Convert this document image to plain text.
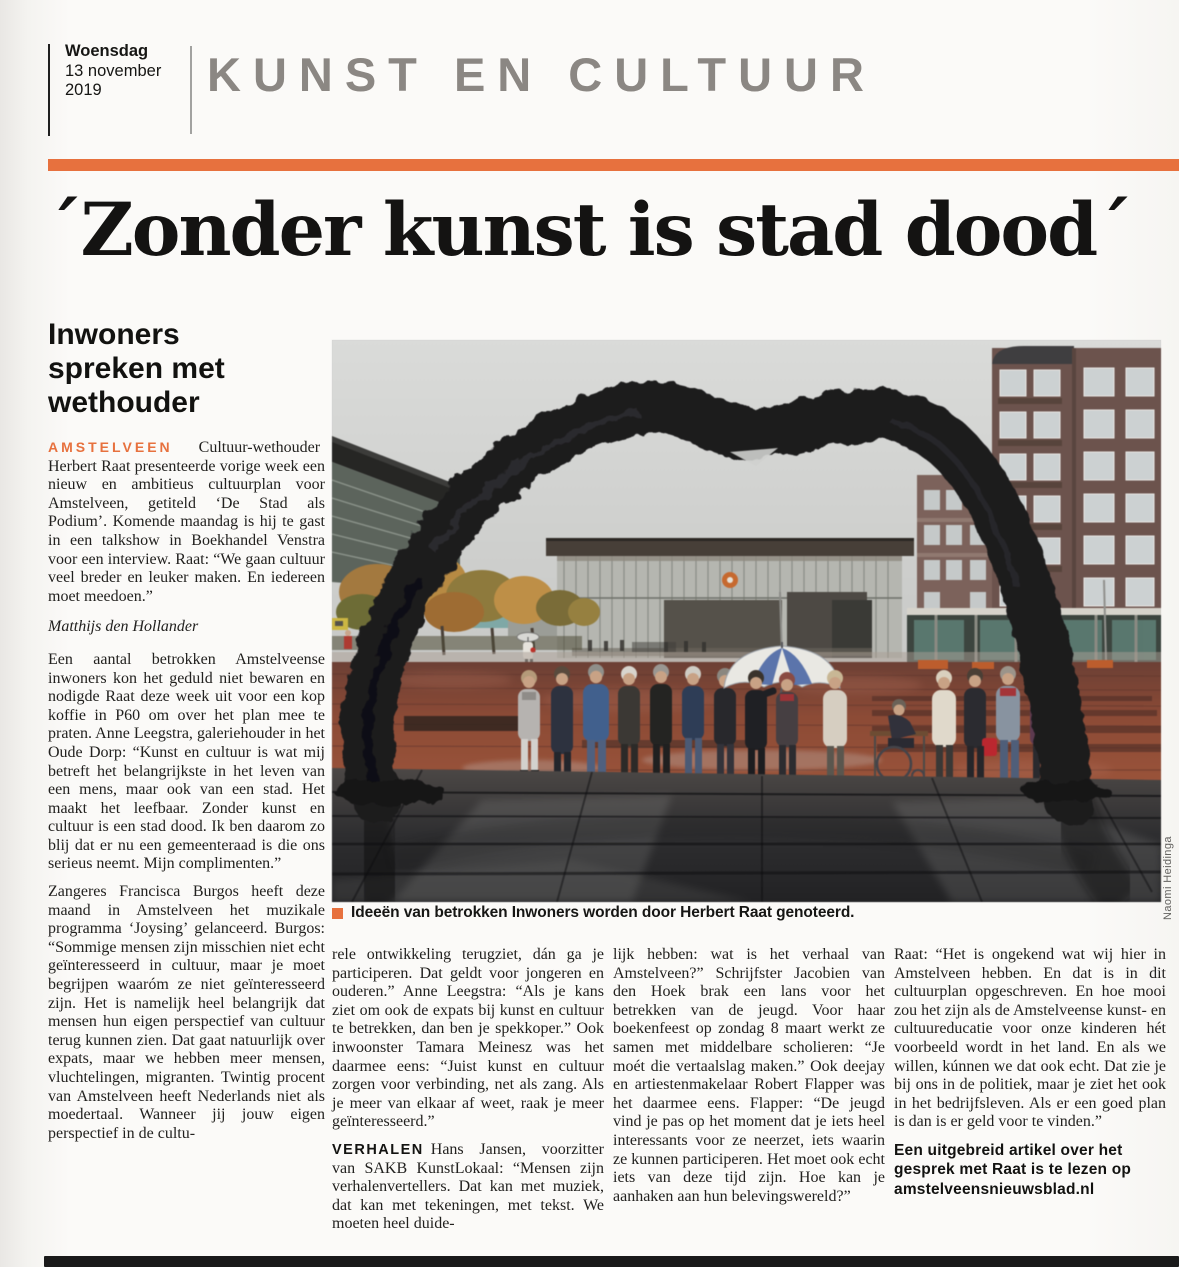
Woensdag
13 november
2019	KUNST EN CULTUUR
´Zonder kunst is stad dood´
Inwoners spreken met wethouder

AMSTELVEEN Cultuur-wethouder Herbert Raat presenteerde vorige week een nieuw en ambitieus cultuurplan voor Amstelveen, getiteld ‘De Stad als Podium’. Komende maandag is hij te gast in een talkshow in Boekhandel Venstra voor een interview. Raat: “We gaan cultuur veel breder en leuker maken. En iedereen moet meedoen.”

Matthijs den Hollander

Een aantal betrokken Amstelveense inwoners kon het geduld niet bewaren en nodigde Raat deze week uit voor een kop koffie in P60 om over het plan mee te praten. Anne Leegstra, galeriehouder in het Oude Dorp: “Kunst en cultuur is wat mij betreft het belangrijkste in het leven van een mens, maar ook van een stad. Het maakt het leefbaar. Zonder kunst en cultuur is een stad dood. Ik ben daarom zo blij dat er nu een gemeenteraad is die ons serieus neemt. Mijn complimenten.”

Zangeres Francisca Burgos heeft deze maand in Amstelveen het muzikale programma ‘Joysing’ gelanceerd. Burgos: “Sommige mensen zijn misschien niet echt geïnteresseerd in cultuur, maar je moet begrijpen waaróm ze niet geïnteresseerd zijn. Het is namelijk heel belangrijk dat mensen hun eigen perspectief van cultuur terug kunnen zien. Dat gaat natuurlijk over expats, maar we hebben meer mensen, vluchtelingen, migranten. Twintig procent van Amstelveen heeft Nederlands niet als moedertaal. Wanneer jij jouw eigen perspectief in de cultu-

Ideeën van betrokken Inwoners worden door Herbert Raat genoteerd.	Naomi Heidinga

rele ontwikkeling terugziet, dán ga je participeren. Dat geldt voor jongeren en ouderen.” Anne Leegstra: “Als je kans ziet om ook de expats bij kunst en cultuur te betrekken, dan ben je spekkoper.” Ook inwoonster Tamara Meinesz was het daarmee eens: “Juist kunst en cultuur zorgen voor verbinding, net als zang. Als je meer van elkaar af weet, raak je meer geïnteresseerd.”

VERHALEN Hans Jansen, voorzitter van SAKB KunstLokaal: “Mensen zijn verhalenvertellers. Dat kan met muziek, dat kan met tekeningen, met tekst. We moeten heel duide-

lijk hebben: wat is het verhaal van Amstelveen?” Schrijfster Jacobien van den Hoek brak een lans voor het betrekken van de jeugd. Voor haar boekenfeest op zondag 8 maart werkt ze samen met middelbare scholieren: “Je moét die vertaalslag maken.” Ook deejay en artiestenmakelaar Robert Flapper was het daarmee eens. Flapper: “De jeugd vind je pas op het moment dat je iets heel interessants voor ze neerzet, iets waarin ze kunnen participeren. Het moet ook echt iets van deze tijd zijn. Hoe kan je aanhaken aan hun belevingswereld?”

Raat: “Het is ongekend wat wij hier in Amstelveen hebben. En dat is in dit cultuurplan opgeschreven. En hoe mooi zou het zijn als de Amstelveense kunst- en cultuureducatie voor onze kinderen hét voorbeeld wordt in het land. En als we willen, kúnnen we dat ook echt. Dat zie je bij ons in de politiek, maar je ziet het ook in het bedrijfsleven. Als er een goed plan is dan is er geld voor te vinden.”

Een uitgebreid artikel over het gesprek met Raat is te lezen op amstelveensnieuwsblad.nl
